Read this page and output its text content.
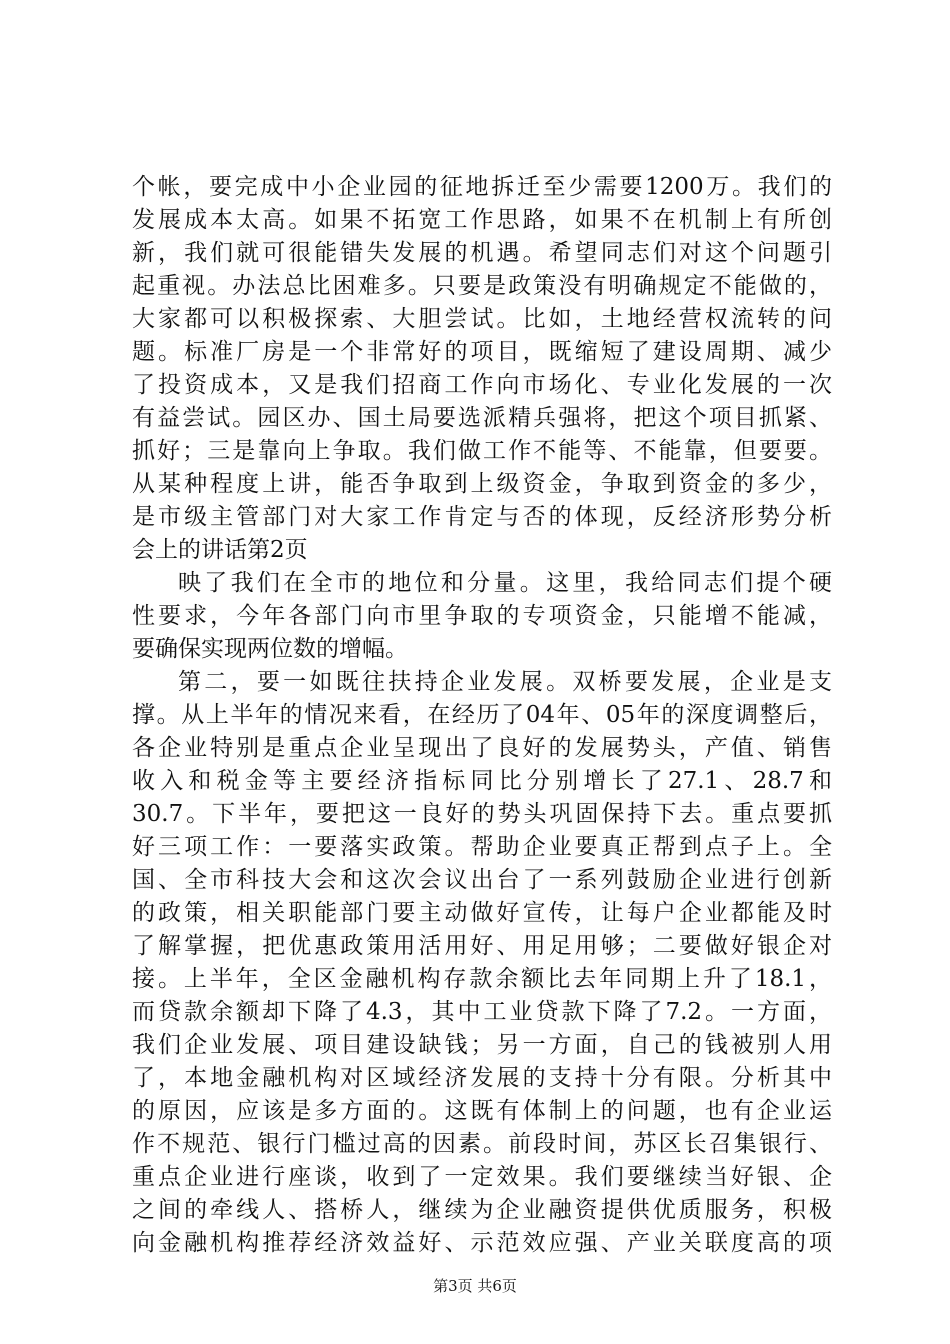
个帐，要完成中小企业园的征地拆迁至少需要1200万。我们的
发展成本太高。如果不拓宽工作思路，如果不在机制上有所创
新，我们就可很能错失发展的机遇。希望同志们对这个问题引
起重视。办法总比困难多。只要是政策没有明确规定不能做的，
大家都可以积极探索、大胆尝试。比如，土地经营权流转的问
题。标准厂房是一个非常好的项目，既缩短了建设周期、减少
了投资成本，又是我们招商工作向市场化、专业化发展的一次
有益尝试。园区办、国土局要选派精兵强将，把这个项目抓紧、
抓好；三是靠向上争取。我们做工作不能等、不能靠，但要要。
从某种程度上讲，能否争取到上级资金，争取到资金的多少，
是市级主管部门对大家工作肯定与否的体现，反经济形势分析
会上的讲话第2页
映了我们在全市的地位和分量。这里，我给同志们提个硬
性要求，今年各部门向市里争取的专项资金，只能增不能减，
要确保实现两位数的增幅。
第二，要一如既往扶持企业发展。双桥要发展，企业是支
撑。从上半年的情况来看，在经历了04年、05年的深度调整后，
各企业特别是重点企业呈现出了良好的发展势头，产值、销售
收入和税金等主要经济指标同比分别增长了27.1、28.7和
30.7。下半年，要把这一良好的势头巩固保持下去。重点要抓
好三项工作：一要落实政策。帮助企业要真正帮到点子上。全
国、全市科技大会和这次会议出台了一系列鼓励企业进行创新
的政策，相关职能部门要主动做好宣传，让每户企业都能及时
了解掌握，把优惠政策用活用好、用足用够；二要做好银企对
接。上半年，全区金融机构存款余额比去年同期上升了18.1，
而贷款余额却下降了4.3，其中工业贷款下降了7.2。一方面，
我们企业发展、项目建设缺钱；另一方面，自己的钱被别人用
了，本地金融机构对区域经济发展的支持十分有限。分析其中
的原因，应该是多方面的。这既有体制上的问题，也有企业运
作不规范、银行门槛过高的因素。前段时间，苏区长召集银行、
重点企业进行座谈，收到了一定效果。我们要继续当好银、企
之间的牵线人、搭桥人，继续为企业融资提供优质服务，积极
向金融机构推荐经济效益好、示范效应强、产业关联度高的项
第3页 共6页
